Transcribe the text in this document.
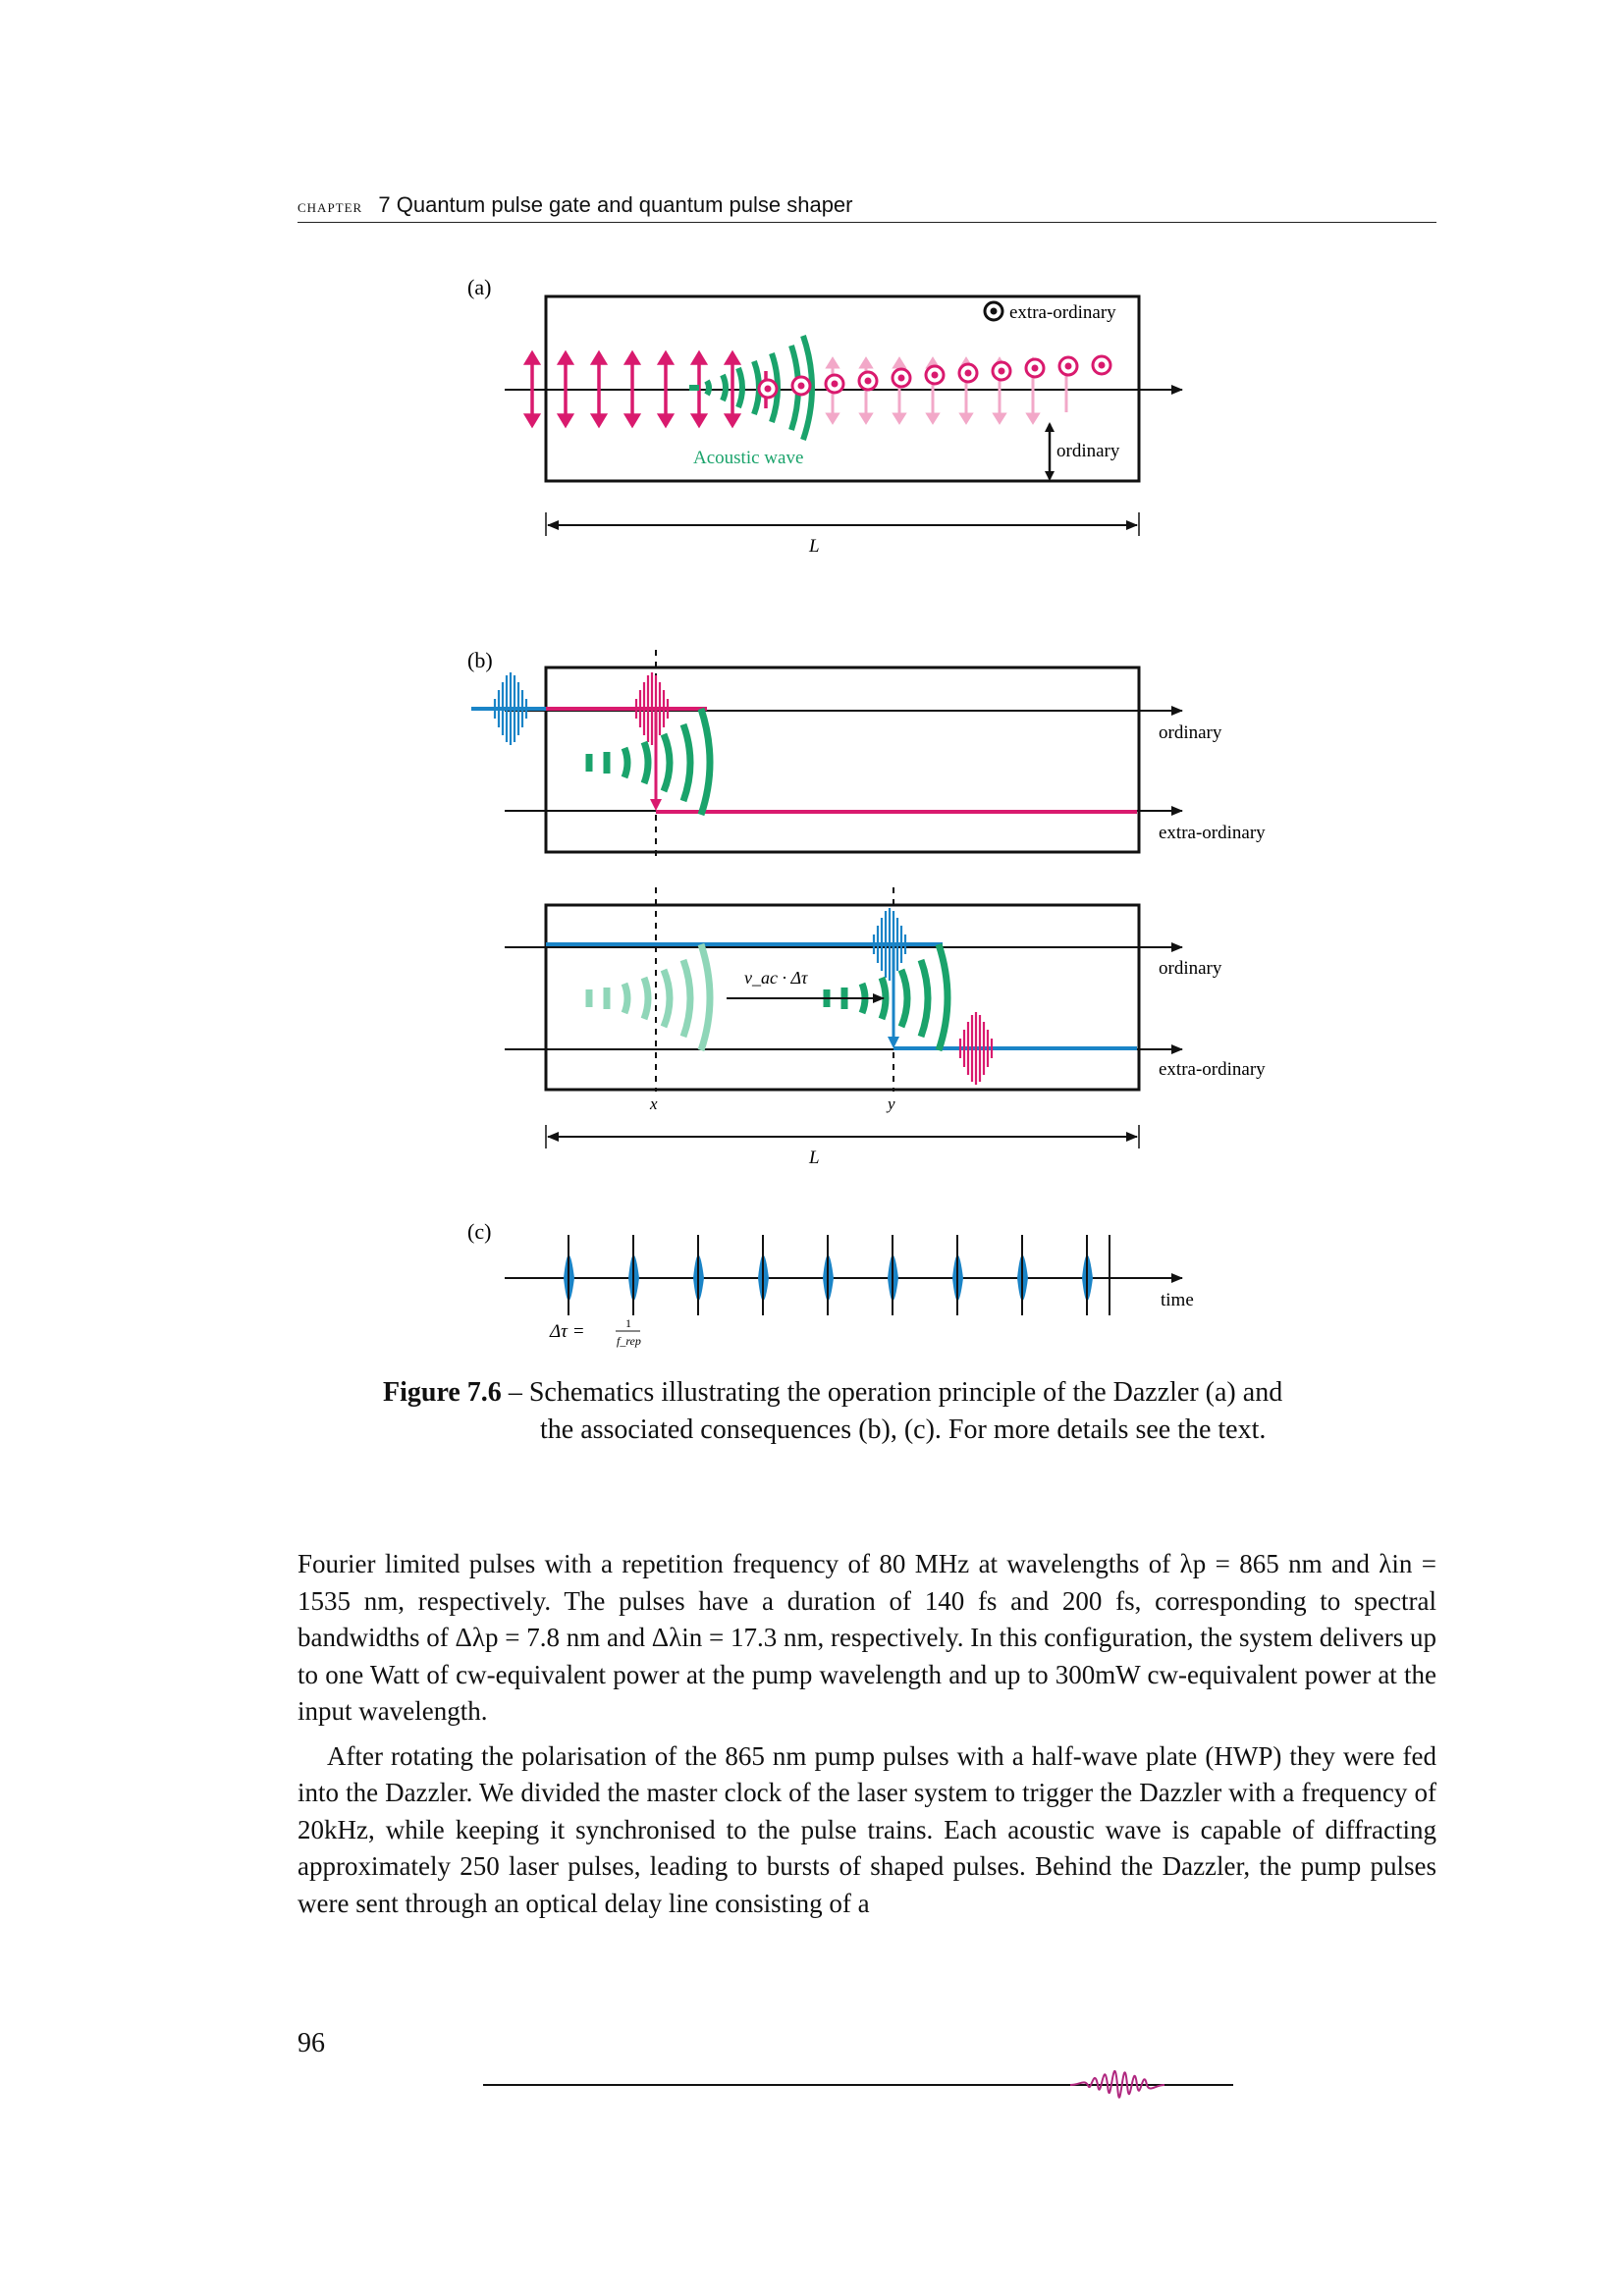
chapter 7 Quantum pulse gate and quantum pulse shaper
(a)
extra-ordinary
ordinary
Acoustic wave
L
(b)
ordinary
extra-ordinary
v_ac · Δτ	ordinary
extra-ordinary
x	y
L
(c)
time
Δτ =	1
f_rep
Figure 7.6 – Schematics illustrating the operation principle of the Dazzler (a) and
the associated consequences (b), (c). For more details see the text.

Fourier limited pulses with a repetition frequency of 80 MHz at wavelengths of λp = 865 nm and λin = 1535 nm, respectively. The pulses have a duration of 140 fs and 200 fs, corresponding to spectral bandwidths of Δλp = 7.8 nm and Δλin = 17.3 nm, respectively. In this configuration, the system delivers up to one Watt of cw-equivalent power at the pump wavelength and up to 300mW cw-equivalent power at the input wavelength.

After rotating the polarisation of the 865 nm pump pulses with a half-wave plate (HWP) they were fed into the Dazzler. We divided the master clock of the laser system to trigger the Dazzler with a frequency of 20kHz, while keeping it synchronised to the pulse trains. Each acoustic wave is capable of diffracting approximately 250 laser pulses, leading to bursts of shaped pulses. Behind the Dazzler, the pump pulses were sent through an optical delay line consisting of a

96
